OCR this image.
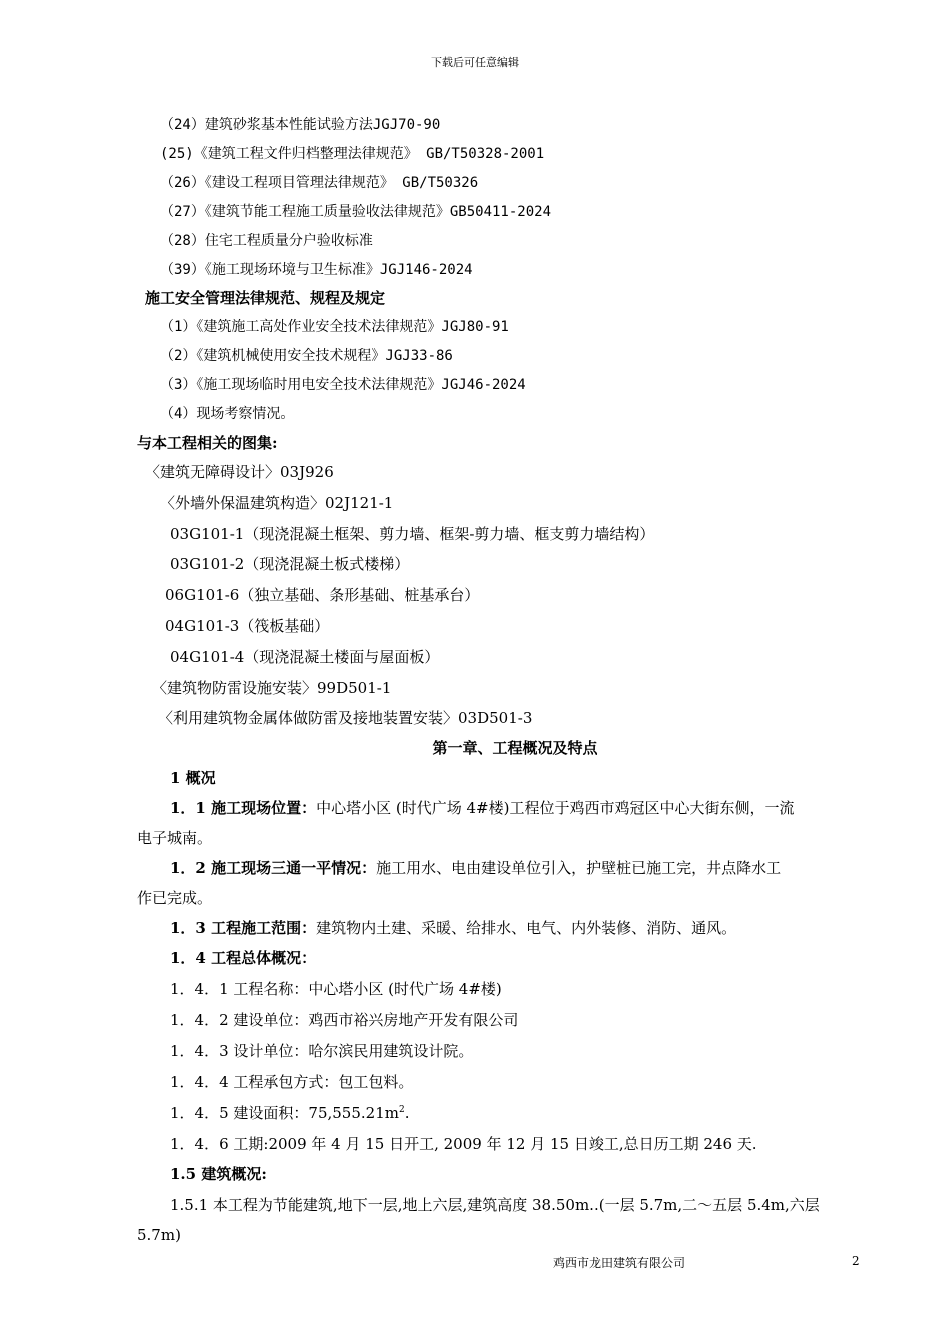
下载后可任意编辑
（24）建筑砂浆基本性能试验方法JGJ70-90
(25)《建筑工程文件归档整理法律规范》 GB/T50328-2001
（26）《建设工程项目管理法律规范》 GB/T50326
（27）《建筑节能工程施工质量验收法律规范》GB50411-2024
（28）住宅工程质量分户验收标准
（39）《施工现场环境与卫生标准》JGJ146-2024
施工安全管理法律规范、规程及规定
（1）《建筑施工高处作业安全技术法律规范》JGJ80-91
（2）《建筑机械使用安全技术规程》JGJ33-86
（3）《施工现场临时用电安全技术法律规范》JGJ46-2024
（4）现场考察情况。
与本工程相关的图集:
〈建筑无障碍设计〉03J926
〈外墙外保温建筑构造〉02J121-1
03G101-1（现浇混凝土框架、剪力墙、框架-剪力墙、框支剪力墙结构）
03G101-2（现浇混凝土板式楼梯）
06G101-6（独立基础、条形基础、桩基承台）
04G101-3（筏板基础）
04G101-4（现浇混凝土楼面与屋面板）
〈建筑物防雷设施安装〉99D501-1
〈利用建筑物金属体做防雷及接地装置安装〉03D501-3
第一章、工程概况及特点
1 概况
1．1 施工现场位置：中心塔小区 (时代广场 4#楼)工程位于鸡西市鸡冠区中心大街东侧，一流
电子城南。
1．2 施工现场三通一平情况：施工用水、电由建设单位引入，护壁桩已施工完，井点降水工
作已完成。
1．3 工程施工范围：建筑物内土建、采暖、给排水、电气、内外装修、消防、通风。
1．4 工程总体概况：
1．4．1 工程名称：中心塔小区 (时代广场 4#楼)
1．4．2 建设单位：鸡西市裕兴房地产开发有限公司
1．4．3 设计单位：哈尔滨民用建筑设计院。
1．4．4 工程承包方式：包工包料。
1．4．5 建设面积：$75,555.21m^2$.
1．4．6 工期:2009 年 4 月 15 日开工, 2009 年 12 月 15 日竣工,总日历工期 246 天.
1.5 建筑概况:
1.5.1 本工程为节能建筑,地下一层,地上六层,建筑高度 38.50m..(一层 5.7m,二～五层 5.4m,六层
5.7m)
鸡西市龙田建筑有限公司	2
